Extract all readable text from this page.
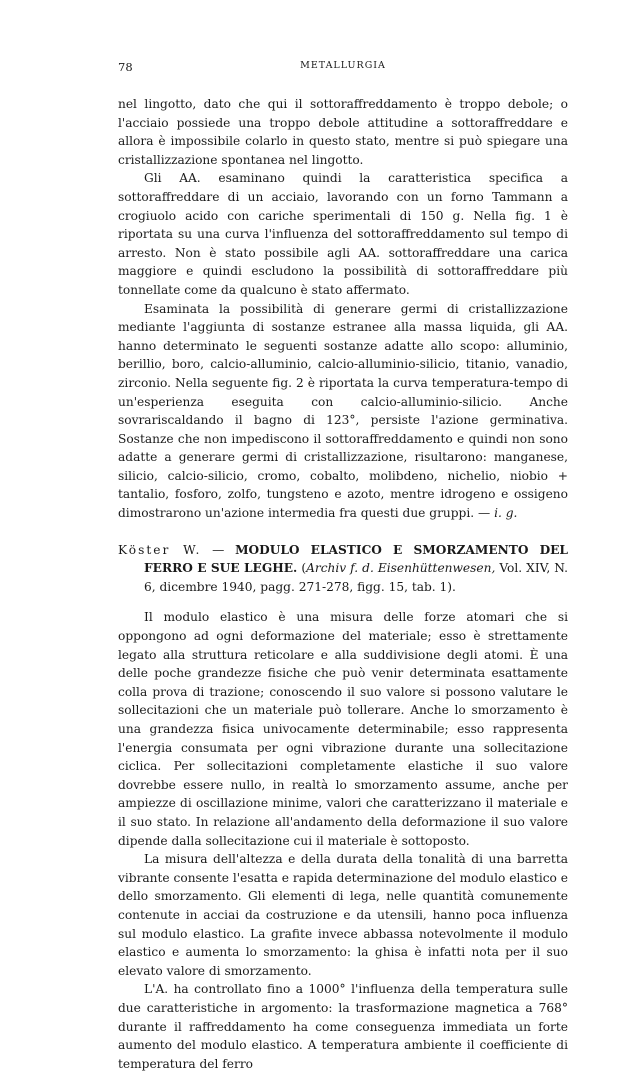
78	METALLURGIA

nel lingotto, dato che qui il sottoraffreddamento è troppo debole; o l'acciaio possiede una troppo debole attitudine a sottoraffreddare e allora è impossibile colarlo in questo stato, mentre si può spiegare una cristallizzazione spontanea nel lingotto.

Gli AA. esaminano quindi la caratteristica specifica a sottoraffreddare di un acciaio, lavorando con un forno Tammann a crogiuolo acido con cariche sperimentali di 150 g. Nella fig. 1 è riportata su una curva l'influenza del sottoraffreddamento sul tempo di arresto. Non è stato possibile agli AA. sottoraffreddare una carica maggiore e quindi escludono la possibilità di sottoraffreddare più tonnellate come da qualcuno è stato affermato.

Esaminata la possibilità di generare germi di cristallizzazione mediante l'aggiunta di sostanze estranee alla massa liquida, gli AA. hanno determinato le seguenti sostanze adatte allo scopo: alluminio, berillio, boro, calcio-alluminio, calcio-alluminio-silicio, titanio, vanadio, zirconio. Nella seguente fig. 2 è riportata la curva temperatura-tempo di un'esperienza eseguita con calcio-alluminio-silicio. Anche sovrariscaldando il bagno di 123°, persiste l'azione germinativa. Sostanze che non impediscono il sottoraffreddamento e quindi non sono adatte a generare germi di cristallizzazione, risultarono: manganese, silicio, calcio-silicio, cromo, cobalto, molibdeno, nichelio, niobio + tantalio, fosforo, zolfo, tungsteno e azoto, mentre idrogeno e ossigeno dimostrarono un'azione intermedia fra questi due gruppi. — i. g.

Köster W. — MODULO ELASTICO E SMORZAMENTO DEL FERRO E SUE LEGHE. (Archiv f. d. Eisenhüttenwesen, Vol. XIV, N. 6, dicembre 1940, pagg. 271-278, figg. 15, tab. 1).

Il modulo elastico è una misura delle forze atomari che si oppongono ad ogni deformazione del materiale; esso è strettamente legato alla struttura reticolare e alla suddivisione degli atomi. È una delle poche grandezze fisiche che può venir determinata esattamente colla prova di trazione; conoscendo il suo valore si possono valutare le sollecitazioni che un materiale può tollerare. Anche lo smorzamento è una grandezza fisica univocamente determinabile; esso rappresenta l'energia consumata per ogni vibrazione durante una sollecitazione ciclica. Per sollecitazioni completamente elastiche il suo valore dovrebbe essere nullo, in realtà lo smorzamento assume, anche per ampiezze di oscillazione minime, valori che caratterizzano il materiale e il suo stato. In relazione all'andamento della deformazione il suo valore dipende dalla sollecitazione cui il materiale è sottoposto.

La misura dell'altezza e della durata della tonalità di una barretta vibrante consente l'esatta e rapida determinazione del modulo elastico e dello smorzamento. Gli elementi di lega, nelle quantità comunemente contenute in acciai da costruzione e da utensili, hanno poca influenza sul modulo elastico. La grafite invece abbassa notevolmente il modulo elastico e aumenta lo smorzamento: la ghisa è infatti nota per il suo elevato valore di smorzamento.

L'A. ha controllato fino a 1000° l'influenza della temperatura sulle due caratteristiche in argomento: la trasformazione magnetica a 768° durante il raffreddamento ha come conseguenza immediata un forte aumento del modulo elastico. A temperatura ambiente il coefficiente di temperatura del ferro
